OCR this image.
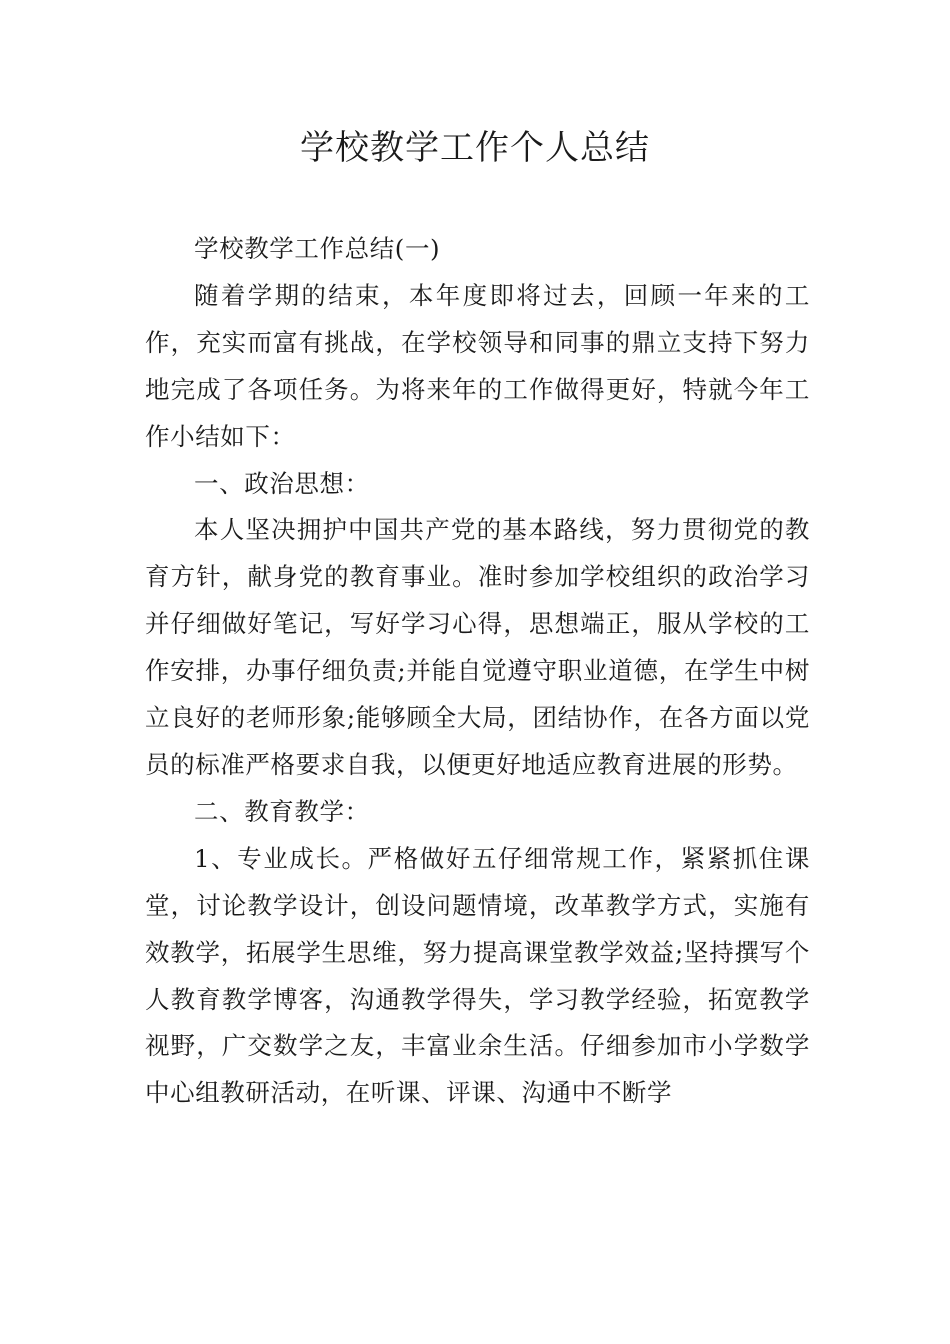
学校教学工作个人总结

学校教学工作总结(一)

随着学期的结束，本年度即将过去，回顾一年来的工作，充实而富有挑战，在学校领导和同事的鼎立支持下努力地完成了各项任务。为将来年的工作做得更好，特就今年工作小结如下：

一、政治思想：

本人坚决拥护中国共产党的基本路线，努力贯彻党的教育方针，献身党的教育事业。准时参加学校组织的政治学习并仔细做好笔记，写好学习心得，思想端正，服从学校的工作安排，办事仔细负责;并能自觉遵守职业道德，在学生中树立良好的老师形象;能够顾全大局，团结协作，在各方面以党员的标准严格要求自我，以便更好地适应教育进展的形势。

二、教育教学：

1、专业成长。严格做好五仔细常规工作，紧紧抓住课堂，讨论教学设计，创设问题情境，改革教学方式，实施有效教学，拓展学生思维，努力提高课堂教学效益;坚持撰写个人教育教学博客，沟通教学得失，学习教学经验，拓宽教学视野，广交数学之友，丰富业余生活。仔细参加市小学数学中心组教研活动，在听课、评课、沟通中不断学
